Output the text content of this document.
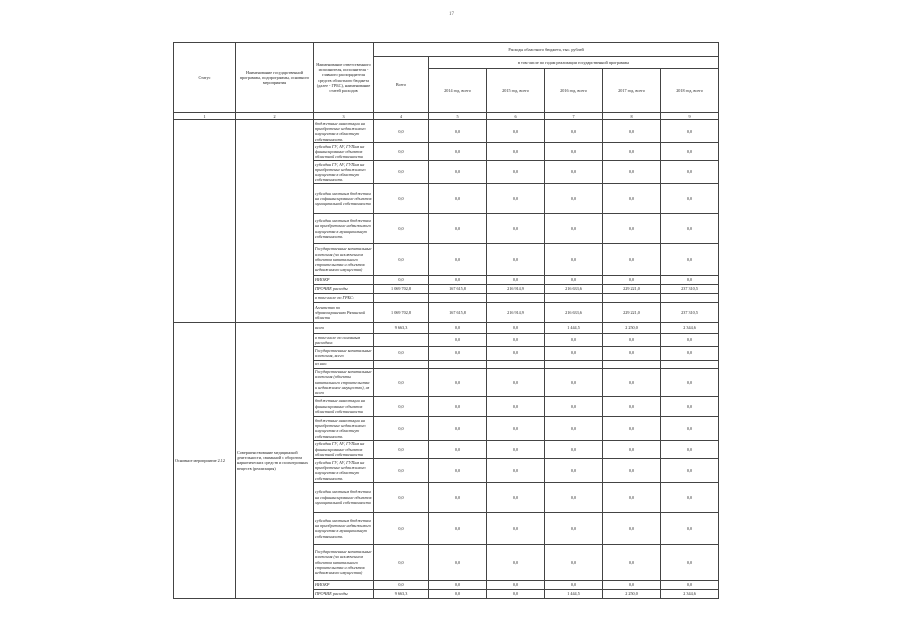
17
Статус	Наименование государственной программы, подпрограммы, основного мероприятия	Наименование ответственного исполнителя, исполнителя - главного распорядителя средств областного бюджета (далее - ГРБС), наименование статей расходов	Расходы областного бюджета, тыс. рублей					
			Всего	в том числе по годам реализации государственной программы				
				2014 год, всего	2015 год, всего	2016 год, всего	2017 год, всего	2018 год, всего
1	2	3	4	5	6	7	8	9
		бюджетные инвестиции на приобретение недвижимого имущества в областную собственность	0,0	0,0	0,0	0,0	0,0	0,0
		субсидии ГУ, АУ, ГУПам на финансирование объектов областной собственности	0,0	0,0	0,0	0,0	0,0	0,0
		субсидии ГУ, АУ, ГУПам на приобретение недвижимого имущества в областную собственность	0,0	0,0	0,0	0,0	0,0	0,0
		субсидии местным бюджетам на софинансирование объектов муниципальной собственности	0,0	0,0	0,0	0,0	0,0	0,0
		субсидии местным бюджетам на приобретение недвижимого имущества в муниципальную собственность	0,0	0,0	0,0	0,0	0,0	0,0
		Государственные капитальные вложения (за исключением объектов капитального строительства и объектов недвижимого имущества)	0,0	0,0	0,0	0,0	0,0	0,0
		НИОКР	0,0	0,0	0,0	0,0	0,0	0,0
		ПРОЧИЕ расходы	1 069 702,8	167 615,8	216 914,9	216 633,6	229 221,0	237 310,5
		в том числе по ГРБС:						
		Агентство по здравоохранению Рязанской области	1 069 702,8	167 615,8	216 914,9	216 633,6	229 221,0	237 310,5
Основное мероприятие 2.12	Совершенствование медицинской деятельности, связанной с оборотом наркотических средств и психотропных веществ (реализация)	всего	9 663,3	0,0	0,0	1 444,5	2 250,0	2 344,6
		в том числе по основным расходам:		0,0	0,0	0,0	0,0	0,0
		Государственные капитальные вложения, всего	0,0	0,0	0,0	0,0	0,0	0,0
		из них:						
		Государственные капитальные вложения (объекты капитального строительства и недвижимое имущество), из всего	0,0	0,0	0,0	0,0	0,0	0,0
		бюджетные инвестиции на финансирование объектов областной собственности	0,0	0,0	0,0	0,0	0,0	0,0
		бюджетные инвестиции на приобретение недвижимого имущества в областную собственность	0,0	0,0	0,0	0,0	0,0	0,0
		субсидии ГУ, АУ, ГУПам на финансирование объектов областной собственности	0,0	0,0	0,0	0,0	0,0	0,0
		субсидии ГУ, АУ, ГУПам на приобретение недвижимого имущества в областную собственность	0,0	0,0	0,0	0,0	0,0	0,0
		субсидии местным бюджетам на софинансирование объектов муниципальной собственности	0,0	0,0	0,0	0,0	0,0	0,0
		субсидии местным бюджетам на приобретение недвижимого имущества в муниципальную собственность	0,0	0,0	0,0	0,0	0,0	0,0
		Государственные капитальные вложения (за исключением объектов капитального строительства и объектов недвижимого имущества)	0,0	0,0	0,0	0,0	0,0	0,0
		НИОКР	0,0	0,0	0,0	0,0	0,0	0,0
		ПРОЧИЕ расходы	9 663,3	0,0	0,0	1 444,5	2 250,0	2 344,6
